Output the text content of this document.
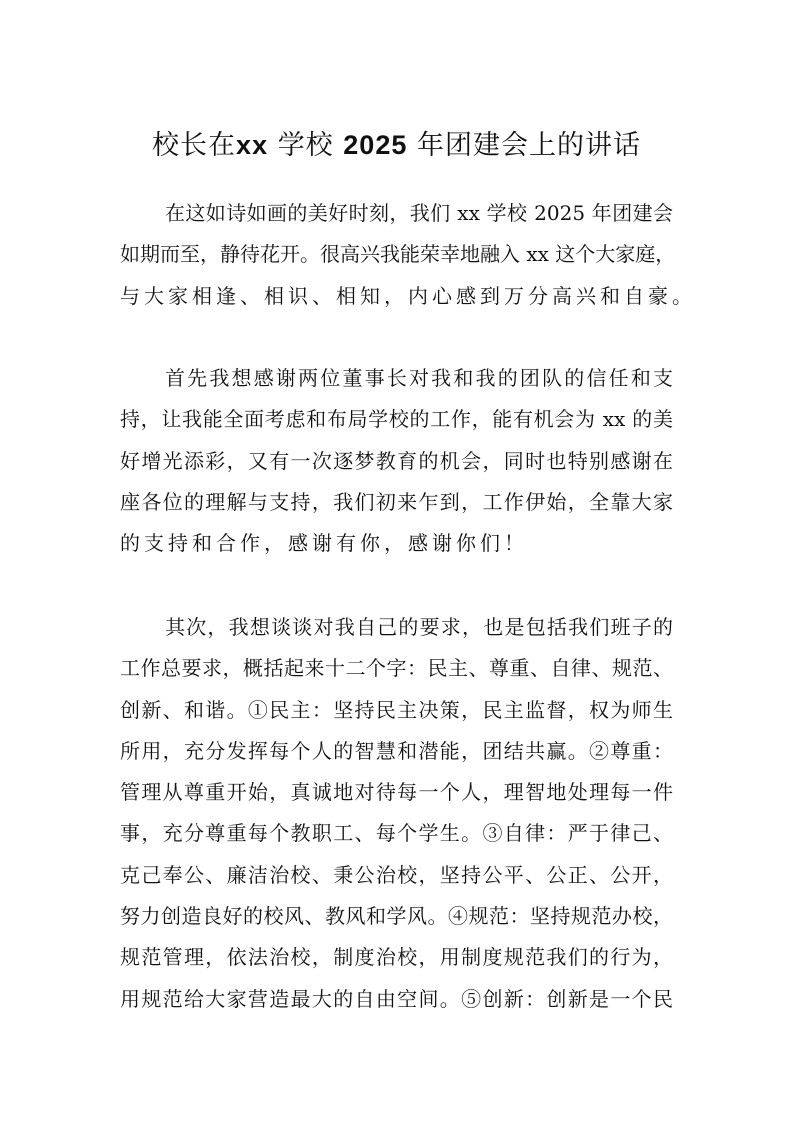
校长在xx 学校 2025 年团建会上的讲话
在这如诗如画的美好时刻，我们 xx 学校 2025 年团建会
如期而至，静待花开。很高兴我能荣幸地融入 xx 这个大家庭，
与大家相逢、相识、相知，内心感到万分高兴和自豪。
首先我想感谢两位董事长对我和我的团队的信任和支
持，让我能全面考虑和布局学校的工作，能有机会为 xx 的美
好增光添彩，又有一次逐梦教育的机会，同时也特别感谢在
座各位的理解与支持，我们初来乍到，工作伊始，全靠大家
的支持和合作，感谢有你，感谢你们！
其次，我想谈谈对我自己的要求，也是包括我们班子的
工作总要求，概括起来十二个字：民主、尊重、自律、规范、
创新、和谐。①民主：坚持民主决策，民主监督，权为师生
所用，充分发挥每个人的智慧和潜能，团结共赢。②尊重：
管理从尊重开始，真诚地对待每一个人，理智地处理每一件
事，充分尊重每个教职工、每个学生。③自律：严于律己、
克己奉公、廉洁治校、秉公治校，坚持公平、公正、公开，
努力创造良好的校风、教风和学风。④规范：坚持规范办校，
规范管理，依法治校，制度治校，用制度规范我们的行为，
用规范给大家营造最大的自由空间。⑤创新：创新是一个民
